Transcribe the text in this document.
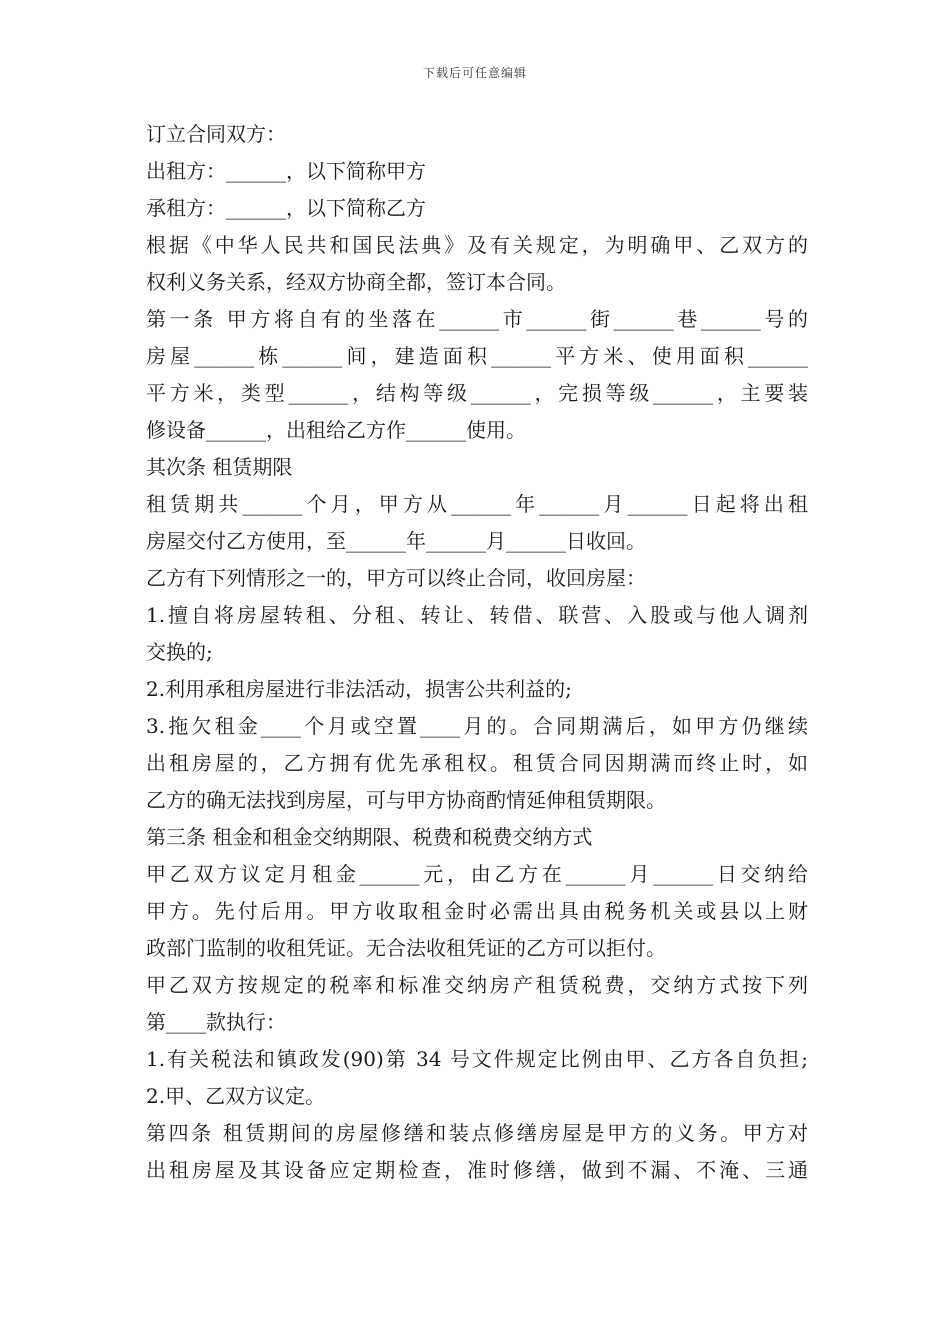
下载后可任意编辑
订立合同双方：
出租方：______，以下简称甲方
承租方：______，以下简称乙方
根据《中华人民共和国民法典》及有关规定，为明确甲、乙双方的
权利义务关系，经双方协商全都，签订本合同。
第一条 甲方将自有的坐落在______市______街______巷______号的
房屋______栋______间，建造面积______平方米、使用面积______
平方米，类型______，结构等级______，完损等级______，主要装
修设备______，出租给乙方作______使用。
其次条 租赁期限
租赁期共______个月，甲方从______年______月______日起将出租
房屋交付乙方使用，至______年______月______日收回。
乙方有下列情形之一的，甲方可以终止合同，收回房屋：
1.擅自将房屋转租、分租、转让、转借、联营、入股或与他人调剂
交换的;
2.利用承租房屋进行非法活动，损害公共利益的;
3.拖欠租金____个月或空置____月的。合同期满后，如甲方仍继续
出租房屋的，乙方拥有优先承租权。租赁合同因期满而终止时，如
乙方的确无法找到房屋，可与甲方协商酌情延伸租赁期限。
第三条 租金和租金交纳期限、税费和税费交纳方式
甲乙双方议定月租金______元，由乙方在______月______日交纳给
甲方。先付后用。甲方收取租金时必需出具由税务机关或县以上财
政部门监制的收租凭证。无合法收租凭证的乙方可以拒付。
甲乙双方按规定的税率和标准交纳房产租赁税费，交纳方式按下列
第____款执行：
1.有关税法和镇政发(90)第 34 号文件规定比例由甲、乙方各自负担;
2.甲、乙双方议定。
第四条 租赁期间的房屋修缮和装点修缮房屋是甲方的义务。甲方对
出租房屋及其设备应定期检查，准时修缮，做到不漏、不淹、三通
